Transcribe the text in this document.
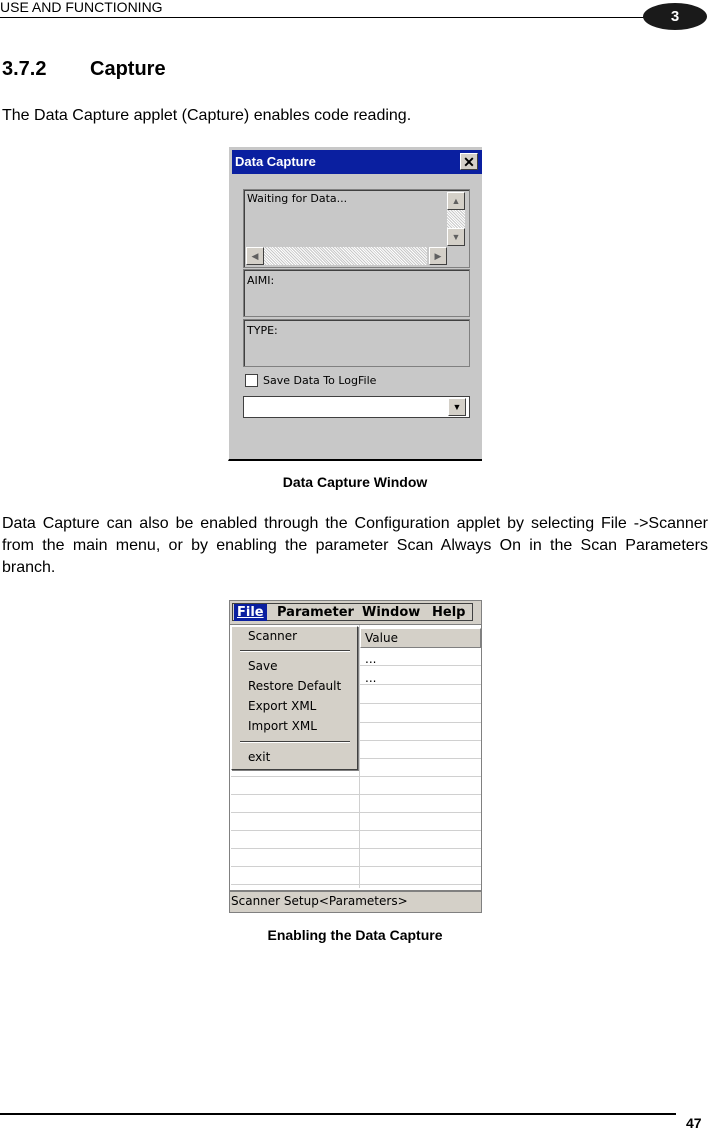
USE AND FUNCTIONING
3
3.7.2 Capture
The Data Capture applet (Capture) enables code reading.
Data Capture	✕
Waiting for Data...	▲
▼
◀	▶
AIMI:
TYPE:
Save Data To LogFile
▼
Data Capture Window
Data Capture can also be enabled through the Configuration applet by selecting File ->Scanner from the main menu, or by enabling the parameter Scan Always On in the Scan Parameters branch.
File Parameter Window Help
Value
...
...
Scanner
Save
Restore Default
Export XML
Import XML
exit
Scanner Setup<Parameters>
Enabling the Data Capture
47
